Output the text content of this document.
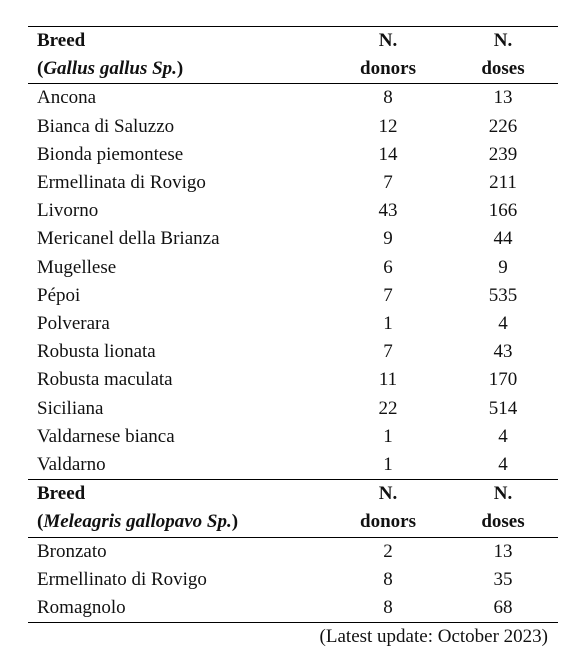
Breed	N.	N.
(Gallus gallus Sp.)	donors	doses
Ancona	8	13
Bianca di Saluzzo	12	226
Bionda piemontese	14	239
Ermellinata di Rovigo	7	211
Livorno	43	166
Mericanel della Brianza	9	44
Mugellese	6	9
Pépoi	7	535
Polverara	1	4
Robusta lionata	7	43
Robusta maculata	11	170
Siciliana	22	514
Valdarnese bianca	1	4
Valdarno	1	4
Breed	N.	N.
(Meleagris gallopavo Sp.)	donors	doses
Bronzato	2	13
Ermellinato di Rovigo	8	35
Romagnolo	8	68
(Latest update: October 2023)
